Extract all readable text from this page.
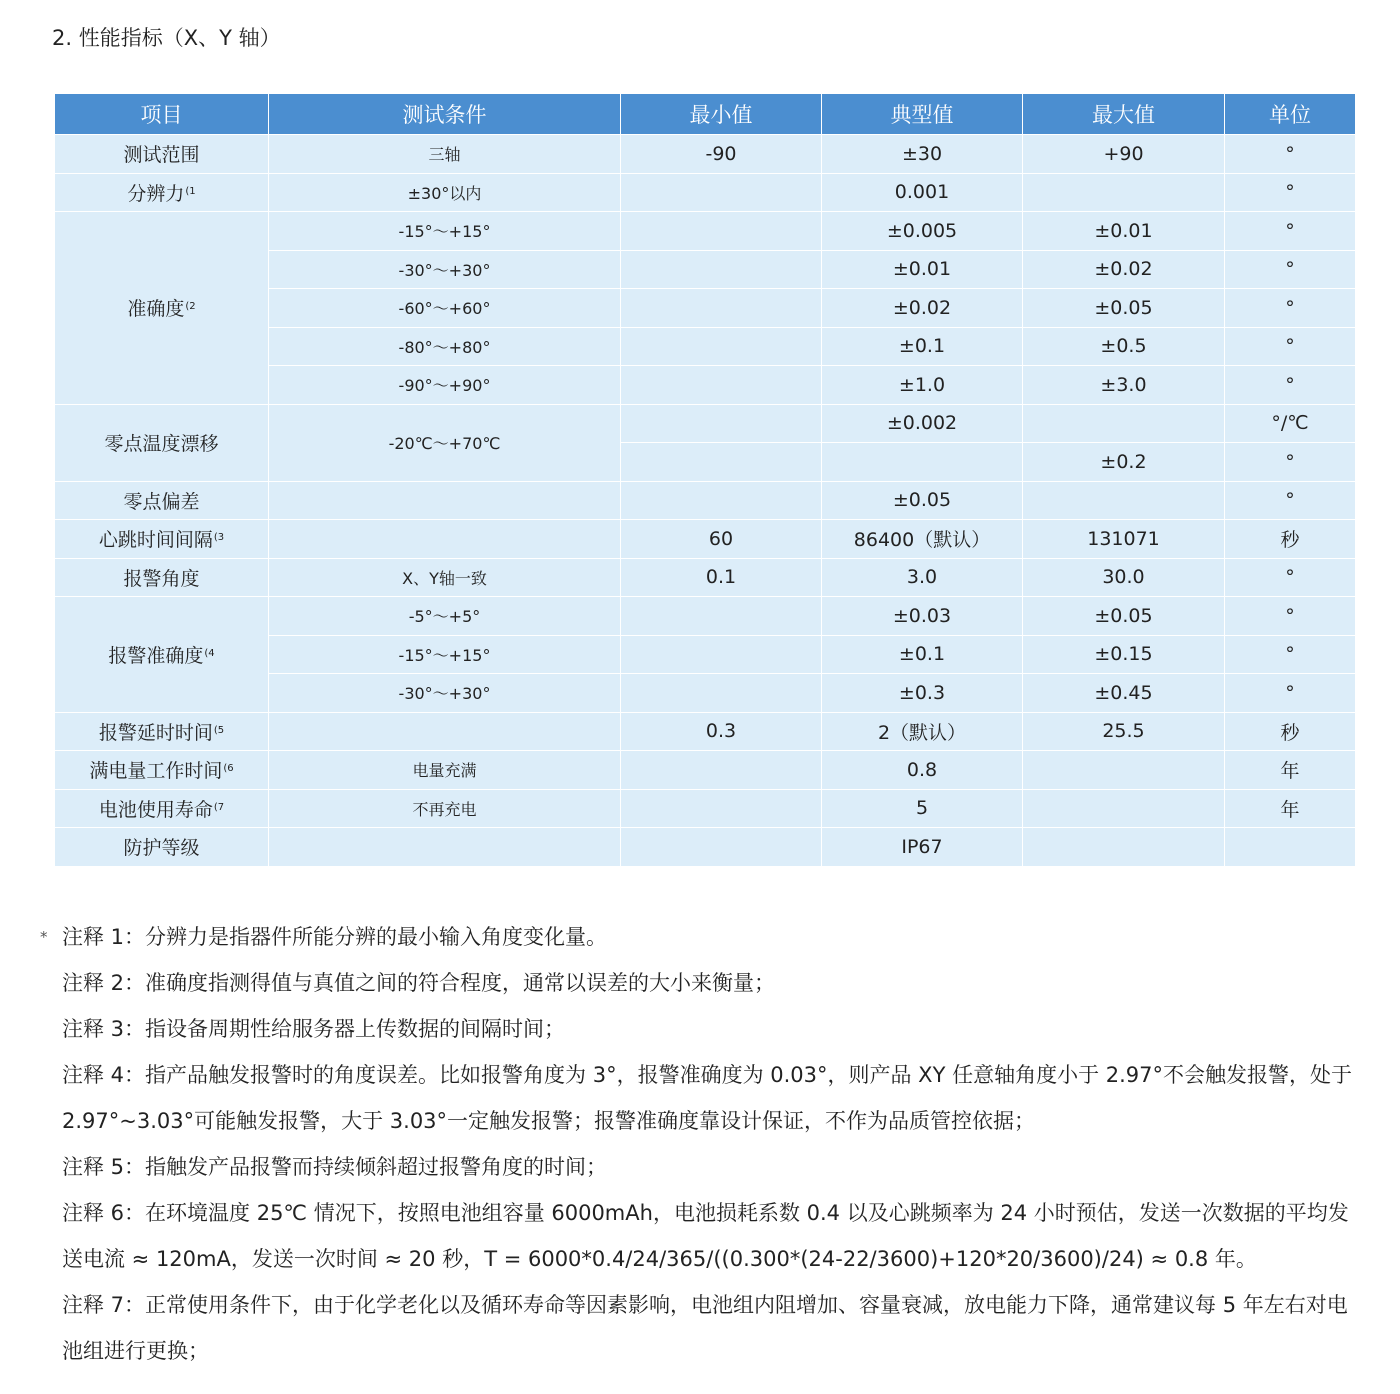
2. 性能指标（X、Y 轴）
项目	测试条件	最小值	典型值	最大值	单位
测试范围	三轴	-90	±30	+90	°
分辨力$^{(1}$	±30°以内		0.001		°
准确度$^{(2}$	-15°～+15°		±0.005	±0.01	°
	-30°～+30°		±0.01	±0.02	°
	-60°～+60°		±0.02	±0.05	°
	-80°～+80°		±0.1	±0.5	°
	-90°～+90°		±1.0	±3.0	°
零点温度漂移	-20℃～+70℃		±0.002		°/℃
				±0.2	°
零点偏差			±0.05		°
心跳时间间隔$^{(3}$		60	86400（默认）	131071	秒
报警角度	X、Y轴一致	0.1	3.0	30.0	°
报警准确度$^{(4}$	-5°～+5°		±0.03	±0.05	°
	-15°～+15°		±0.1	±0.15	°
	-30°～+30°		±0.3	±0.45	°
报警延时时间$^{(5}$		0.3	2（默认）	25.5	秒
满电量工作时间$^{(6}$	电量充满		0.8		年
电池使用寿命$^{(7}$	不再充电		5		年
防护等级			IP67		

* 注释 1：分辨力是指器件所能分辨的最小输入角度变化量。

注释 2：准确度指测得值与真值之间的符合程度，通常以误差的大小来衡量；

注释 3：指设备周期性给服务器上传数据的间隔时间；

注释 4：指产品触发报警时的角度误差。比如报警角度为 3°，报警准确度为 0.03°，则产品 XY 任意轴角度小于 2.97°不会触发报警，处于 2.97°~3.03°可能触发报警，大于 3.03°一定触发报警；报警准确度靠设计保证，不作为品质管控依据；

注释 5：指触发产品报警而持续倾斜超过报警角度的时间；

注释 6：在环境温度 25℃ 情况下，按照电池组容量 6000mAh，电池损耗系数 0.4 以及心跳频率为 24 小时预估，发送一次数据的平均发送电流 ≈ 120mA，发送一次时间 ≈ 20 秒，T = 6000*0.4/24/365/((0.300*(24-22/3600)+120*20/3600)/24) ≈ 0.8 年。

注释 7：正常使用条件下，由于化学老化以及循环寿命等因素影响，电池组内阻增加、容量衰减，放电能力下降，通常建议每 5 年左右对电池组进行更换；
